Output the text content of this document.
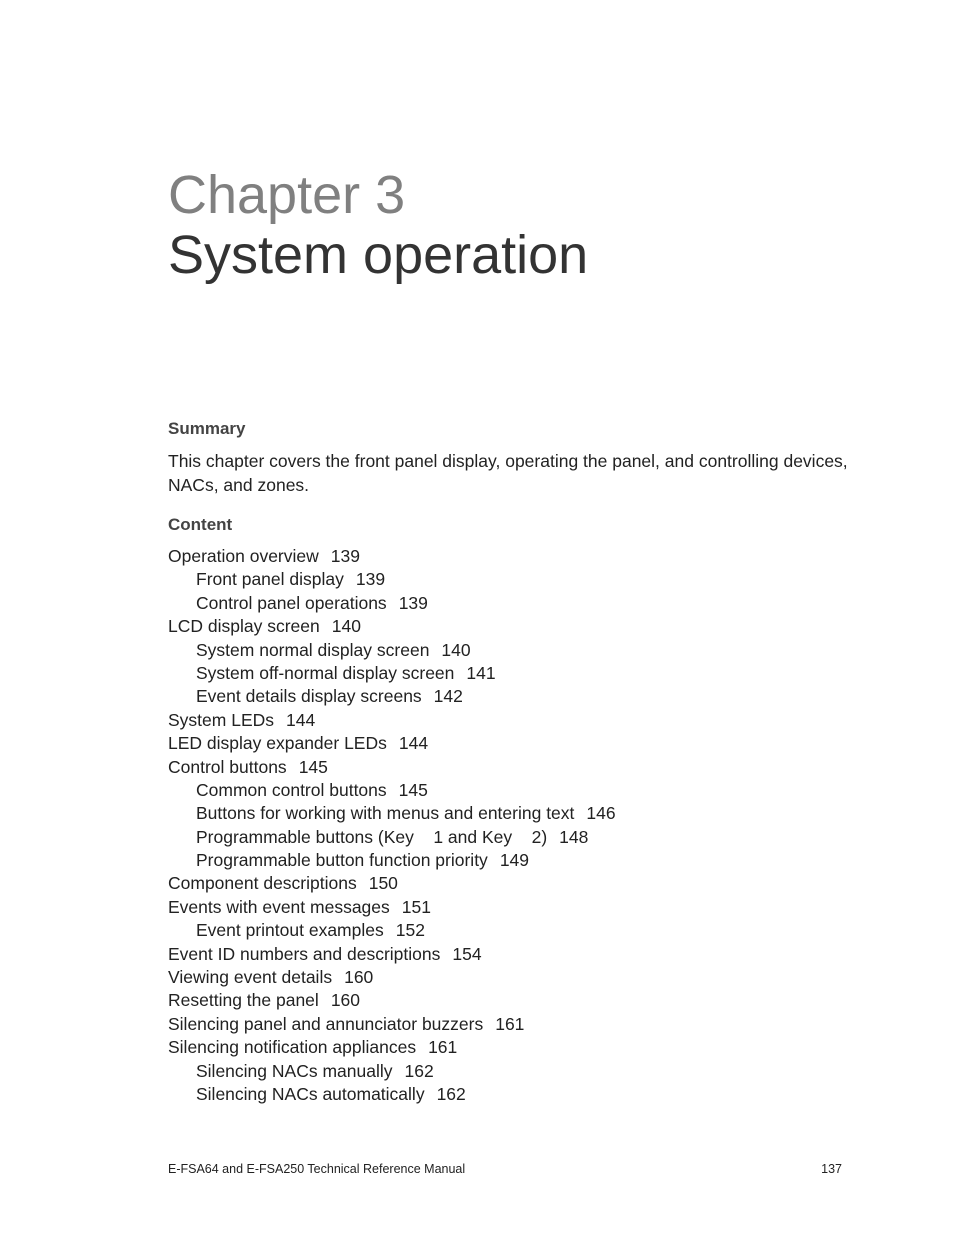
Chapter 3
System operation
Summary

This chapter covers the front panel display, operating the panel, and controlling devices, NACs, and zones.

Content
Operation overview 139
Front panel display 139
Control panel operations 139
LCD display screen 140
System normal display screen 140
System off-normal display screen 141
Event details display screens 142
System LEDs 144
LED display expander LEDs 144
Control buttons 145
Common control buttons 145
Buttons for working with menus and entering text 146
Programmable buttons (Key    1 and Key    2) 148
Programmable button function priority 149
Component descriptions 150
Events with event messages 151
Event printout examples 152
Event ID numbers and descriptions 154
Viewing event details 160
Resetting the panel 160
Silencing panel and annunciator buzzers 161
Silencing notification appliances 161
Silencing NACs manually 162
Silencing NACs automatically 162
E-FSA64 and E-FSA250 Technical Reference Manual	137
